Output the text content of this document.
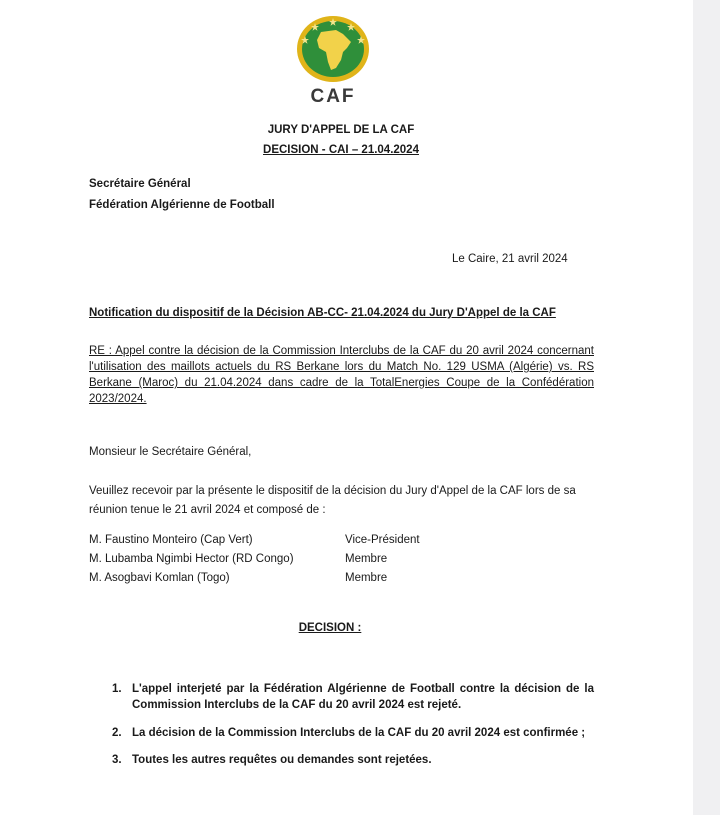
CAF
JURY D'APPEL DE LA CAF
DECISION - CAI – 21.04.2024
Secrétaire Général
Fédération Algérienne de Football
Le Caire, 21 avril 2024
Notification du dispositif de la Décision AB-CC- 21.04.2024 du Jury D'Appel de la CAF
RE : Appel contre la décision de la Commission Interclubs de la CAF du 20 avril 2024 concernant l'utilisation des maillots actuels du RS Berkane lors du Match No. 129 USMA (Algérie) vs. RS Berkane (Maroc) du 21.04.2024 dans cadre de la TotalEnergies Coupe de la Confédération 2023/2024.
Monsieur le Secrétaire Général,
Veuillez recevoir par la présente le dispositif de la décision du Jury d'Appel de la CAF lors de sa réunion tenue le 21 avril 2024 et composé de :
M. Faustino Monteiro (Cap Vert)	Vice-Président
M. Lubamba Ngimbi Hector (RD Congo)	Membre
M. Asogbavi Komlan (Togo)	Membre
DECISION :
1. L'appel interjeté par la Fédération Algérienne de Football contre la décision de la Commission Interclubs de la CAF du 20 avril 2024 est rejeté.
2. La décision de la Commission Interclubs de la CAF du 20 avril 2024 est confirmée ;
3. Toutes les autres requêtes ou demandes sont rejetées.
